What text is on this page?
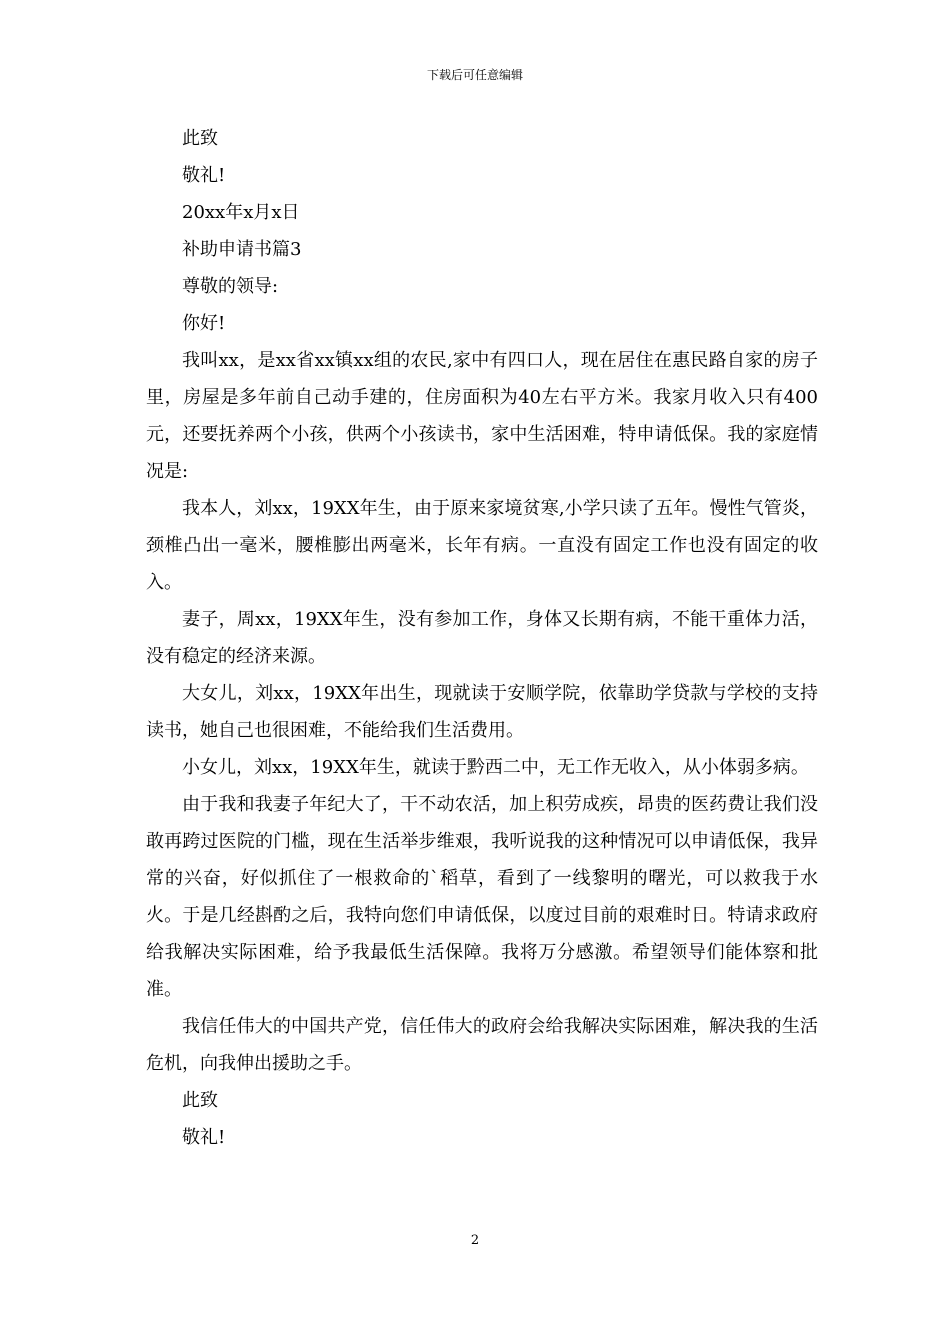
下载后可任意编辑
此致
敬礼!
20xx年x月x日
补助申请书篇3
尊敬的领导:
你好!
我叫xx，是xx省xx镇xx组的农民,家中有四口人，现在居住在惠民路自家的房子里，房屋是多年前自己动手建的，住房面积为40左右平方米。我家月收入只有400元，还要抚养两个小孩，供两个小孩读书，家中生活困难，特申请低保。我的家庭情况是:
我本人，刘xx，19XX年生，由于原来家境贫寒,小学只读了五年。慢性气管炎，颈椎凸出一毫米，腰椎膨出两毫米，长年有病。一直没有固定工作也没有固定的收入。
妻子，周xx，19XX年生，没有参加工作，身体又长期有病，不能干重体力活，没有稳定的经济来源。
大女儿，刘xx，19XX年出生，现就读于安顺学院，依靠助学贷款与学校的支持读书，她自己也很困难，不能给我们生活费用。
小女儿，刘xx，19XX年生，就读于黔西二中，无工作无收入，从小体弱多病。
由于我和我妻子年纪大了，干不动农活，加上积劳成疾，昂贵的医药费让我们没敢再跨过医院的门槛，现在生活举步维艰，我听说我的这种情况可以申请低保，我异常的兴奋，好似抓住了一根救命的`稻草，看到了一线黎明的曙光，可以救我于水火。于是几经斟酌之后，我特向您们申请低保，以度过目前的艰难时日。特请求政府给我解决实际困难，给予我最低生活保障。我将万分感激。希望领导们能体察和批准。
我信任伟大的中国共产党，信任伟大的政府会给我解决实际困难，解决我的生活危机，向我伸出援助之手。
此致
敬礼!
2
